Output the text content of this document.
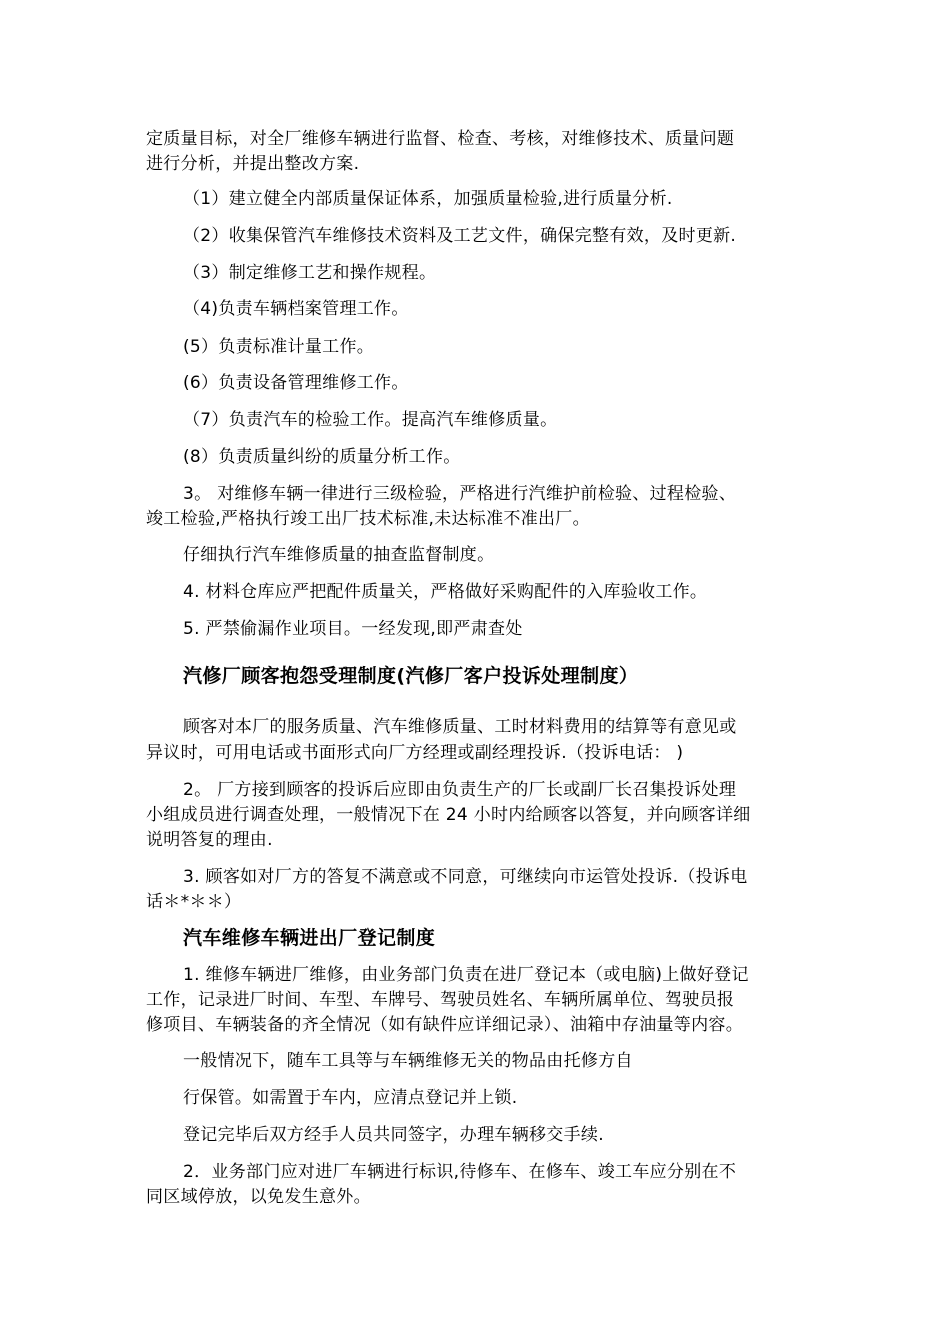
定质量目标，对全厂维修车辆进行监督、检查、考核，对维修技术、质量问题

进行分析，并提出整改方案.

（1）建立健全内部质量保证体系，加强质量检验,进行质量分析.

（2）收集保管汽车维修技术资料及工艺文件，确保完整有效，及时更新.

（3）制定维修工艺和操作规程。

（4)负责车辆档案管理工作。

(5）负责标准计量工作。

(6）负责设备管理维修工作。

（7）负责汽车的检验工作。提高汽车维修质量。

(8）负责质量纠纷的质量分析工作。

3。 对维修车辆一律进行三级检验，严格进行汽维护前检验、过程检验、

竣工检验,严格执行竣工出厂技术标准,未达标准不准出厂。

仔细执行汽车维修质量的抽查监督制度。

4. 材料仓库应严把配件质量关，严格做好采购配件的入库验收工作。

5. 严禁偷漏作业项目。一经发现,即严肃查处

汽修厂顾客抱怨受理制度(汽修厂客户投诉处理制度）

顾客对本厂的服务质量、汽车维修质量、工时材料费用的结算等有意见或

异议时，可用电话或书面形式向厂方经理或副经理投诉.（投诉电话： )

2。 厂方接到顾客的投诉后应即由负责生产的厂长或副厂长召集投诉处理

小组成员进行调查处理，一般情况下在 24 小时内给顾客以答复，并向顾客详细

说明答复的理由.

3. 顾客如对厂方的答复不满意或不同意，可继续向市运管处投诉.（投诉电

话＊*＊＊）

汽车维修车辆进出厂登记制度

1. 维修车辆进厂维修，由业务部门负责在进厂登记本（或电脑)上做好登记

工作，记录进厂时间、车型、车牌号、驾驶员姓名、车辆所属单位、驾驶员报

修项目、车辆装备的齐全情况（如有缺件应详细记录）、油箱中存油量等内容。

一般情况下，随车工具等与车辆维修无关的物品由托修方自

行保管。如需置于车内，应清点登记并上锁.

登记完毕后双方经手人员共同签字，办理车辆移交手续.

2．业务部门应对进厂车辆进行标识,待修车、在修车、竣工车应分别在不

同区域停放，以免发生意外。
